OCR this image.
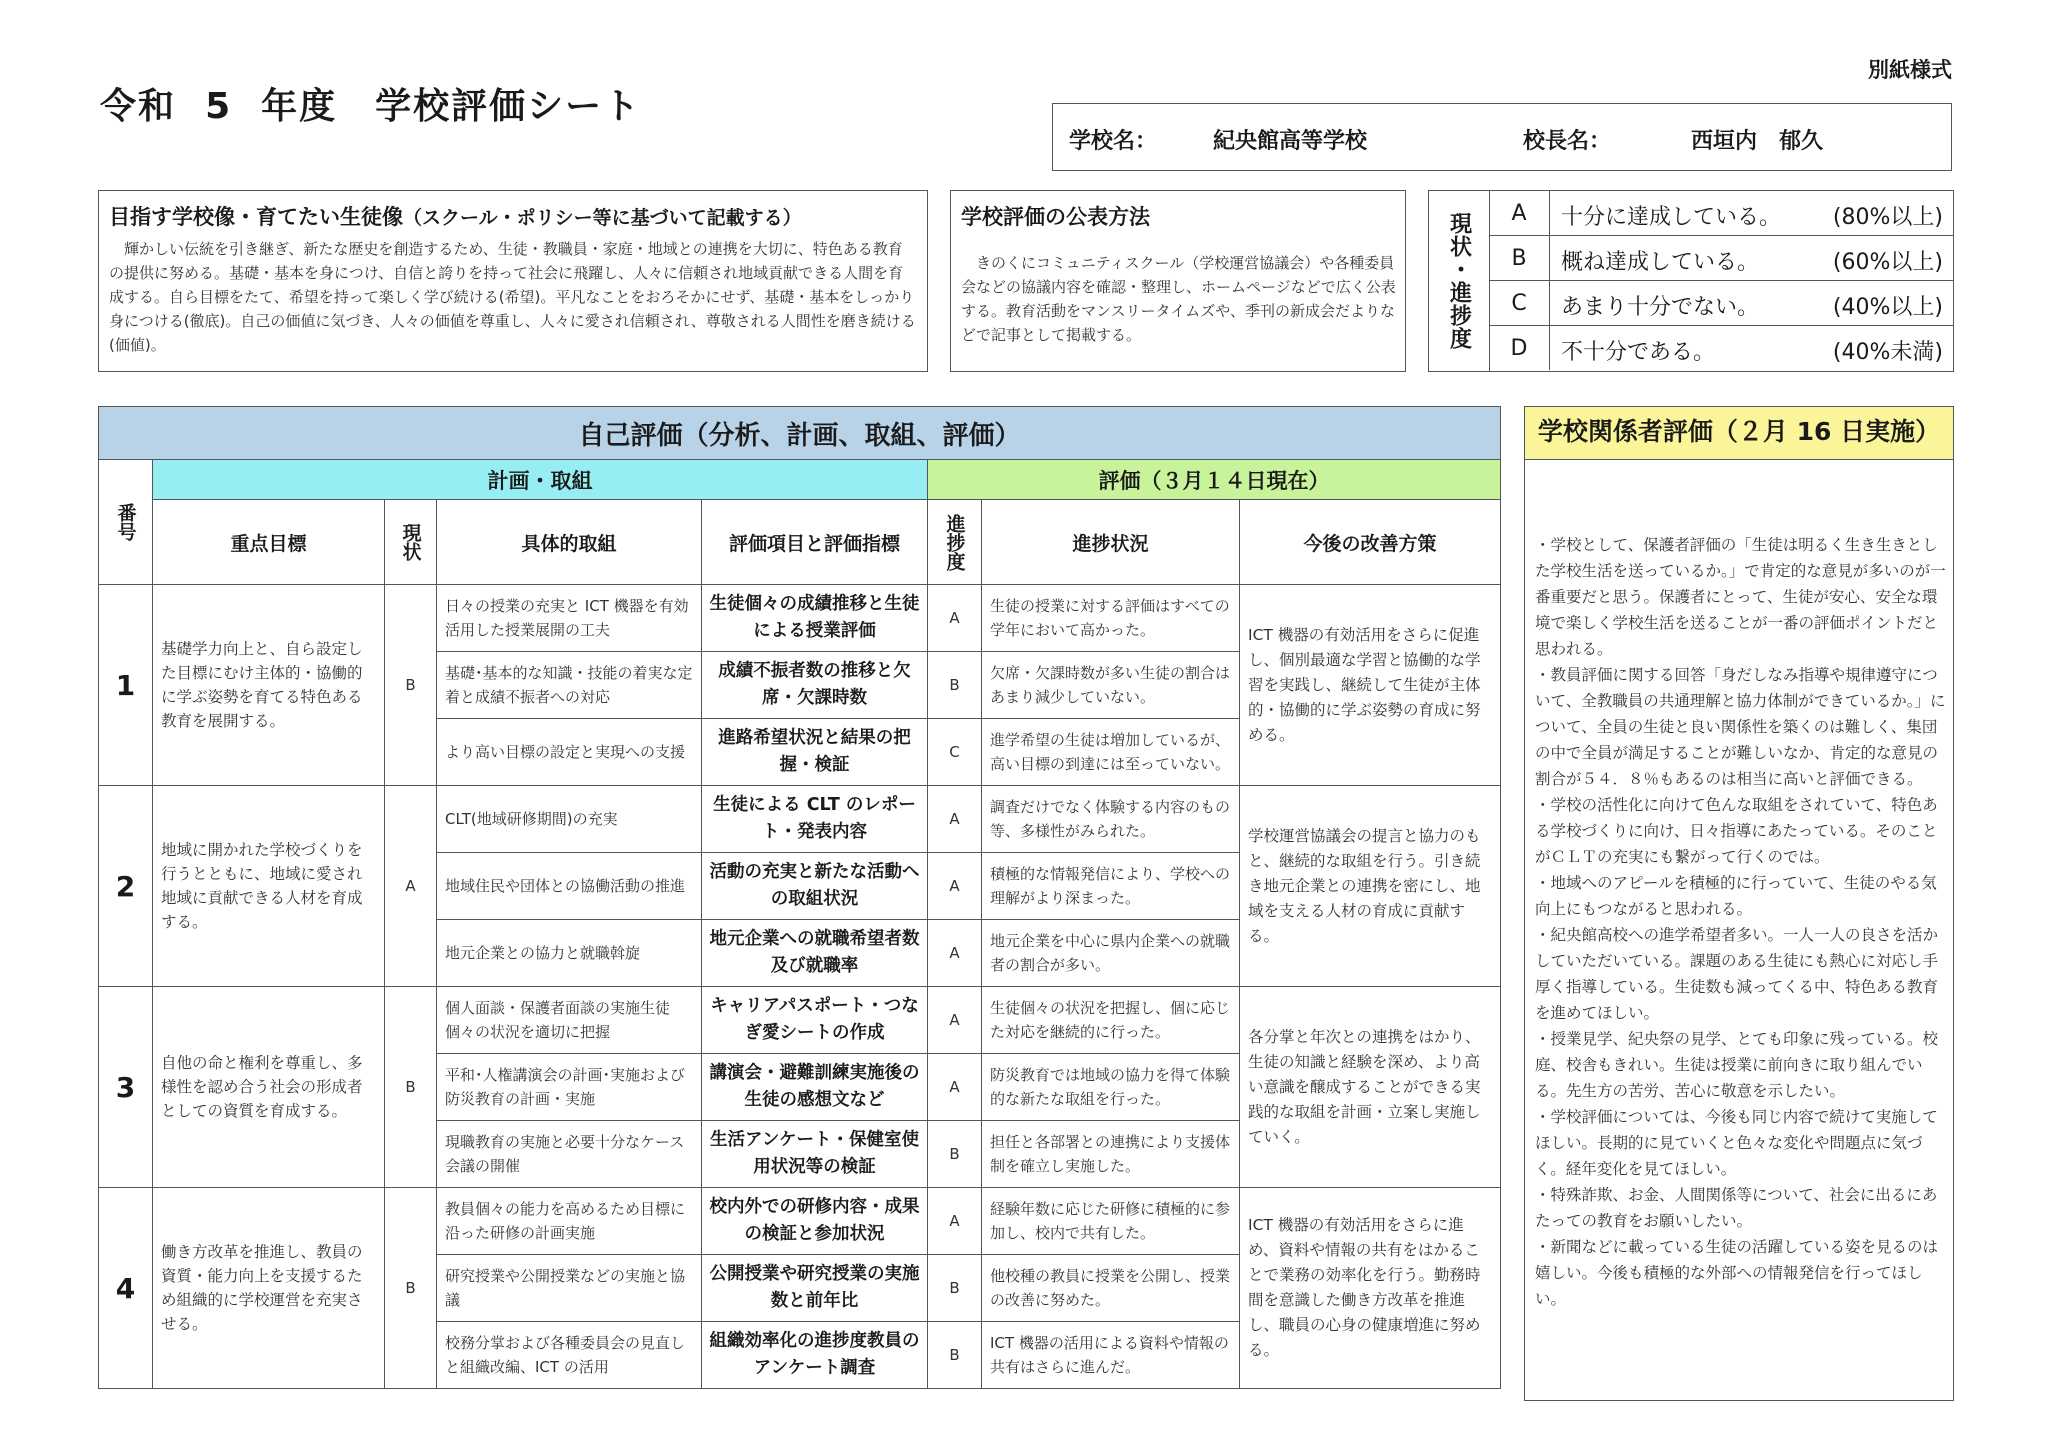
令和  5  年度　学校評価シート
別紙様式
学校名：	紀央館高等学校	校長名：	西垣内　郁久
目指す学校像・育てたい生徒像（スクール・ポリシー等に基づいて記載する）
　輝かしい伝統を引き継ぎ、新たな歴史を創造するため、生徒・教職員・家庭・地域との連携を大切に、特色ある教育の提供に努める。基礎・基本を身につけ、自信と誇りを持って社会に飛躍し、人々に信頼され地域貢献できる人間を育成する。自ら目標をたて、希望を持って楽しく学び続ける(希望)。平凡なことをおろそかにせず、基礎・基本をしっかり身につける(徹底)。自己の価値に気づき、人々の価値を尊重し、人々に愛され信頼され、尊敬される人間性を磨き続ける(価値)。
学校評価の公表方法
　きのくにコミュニティスクール（学校運営協議会）や各種委員会などの協議内容を確認・整理し、ホームページなどで広く公表する。教育活動をマンスリータイムズや、季刊の新成会だよりなどで記事として掲載する。	現状・進捗度	A	十分に達成している。 (80%以上)
B	概ね達成している。	(60%以上)
C	あまり十分でない。	(40%以上)
D	不十分である。	(40%未満)
自己評価（分析、計画、取組、評価）							

番号	計画・取組				評価（３月１４日現在）		
	重点目標	現状	具体的取組	評価項目と評価指標	進捗度	進捗状況	今後の改善方策
1	基礎学力向上と、自ら設定した目標にむけ主体的・協働的に学ぶ姿勢を育てる特色ある教育を展開する。	B	日々の授業の充実と ICT 機器を有効活用した授業展開の工夫	生徒個々の成績推移と生徒による授業評価	A	生徒の授業に対する評価はすべての学年において高かった。	ICT 機器の有効活用をさらに促進し、個別最適な学習と協働的な学習を実践し、継続して生徒が主体的・協働的に学ぶ姿勢の育成に努める。
			基礎･基本的な知識・技能の着実な定着と成績不振者への対応	成績不振者数の推移と欠席・欠課時数	B	欠席・欠課時数が多い生徒の割合はあまり減少していない。	
			より高い目標の設定と実現への支援	進路希望状況と結果の把握・検証	C	進学希望の生徒は増加しているが、高い目標の到達には至っていない。	
2	地域に開かれた学校づくりを行うとともに、地域に愛され地域に貢献できる人材を育成する。	A	CLT(地域研修期間)の充実	生徒による CLT のレポート・発表内容	A	調査だけでなく体験する内容のもの等、多様性がみられた。	学校運営協議会の提言と協力のもと、継続的な取組を行う。引き続き地元企業との連携を密にし、地域を支える人材の育成に貢献する。
			地域住民や団体との協働活動の推進	活動の充実と新たな活動への取組状況	A	積極的な情報発信により、学校への理解がより深まった。	
			地元企業との協力と就職斡旋	地元企業への就職希望者数及び就職率	A	地元企業を中心に県内企業への就職者の割合が多い。	
3	自他の命と権利を尊重し、多様性を認め合う社会の形成者としての資質を育成する。	B	個人面談・保護者面談の実施生徒個々の状況を適切に把握	キャリアパスポート・つなぎ愛シートの作成	A	生徒個々の状況を把握し、個に応じた対応を継続的に行った。	各分掌と年次との連携をはかり、生徒の知識と経験を深め、より高い意識を醸成することができる実践的な取組を計画・立案し実施していく。
			平和･人権講演会の計画･実施および防災教育の計画・実施	講演会・避難訓練実施後の生徒の感想文など	A	防災教育では地域の協力を得て体験的な新たな取組を行った。	
			現職教育の実施と必要十分なケース会議の開催	生活アンケート・保健室使用状況等の検証	B	担任と各部署との連携により支援体制を確立し実施した。	
4	働き方改革を推進し、教員の資質・能力向上を支援するため組織的に学校運営を充実させる。	B	教員個々の能力を高めるため目標に沿った研修の計画実施	校内外での研修内容・成果の検証と参加状況	A	経験年数に応じた研修に積極的に参加し、校内で共有した。	ICT 機器の有効活用をさらに進め、資料や情報の共有をはかることで業務の効率化を行う。勤務時間を意識した働き方改革を推進し、職員の心身の健康増進に努める。
			研究授業や公開授業などの実施と協議	公開授業や研究授業の実施数と前年比	B	他校種の教員に授業を公開し、授業の改善に努めた。	
			校務分掌および各種委員会の見直しと組織改編、ICT の活用	組織効率化の進捗度教員のアンケート調査	B	ICT 機器の活用による資料や情報の共有はさらに進んだ。	
学校関係者評価（２月 16 日実施）
・学校として、保護者評価の「生徒は明るく生き生きとした学校生活を送っているか。」で肯定的な意見が多いのが一番重要だと思う。保護者にとって、生徒が安心、安全な環境で楽しく学校生活を送ることが一番の評価ポイントだと思われる。
・教員評価に関する回答「身だしなみ指導や規律遵守について、全教職員の共通理解と協力体制ができているか。」について、全員の生徒と良い関係性を築くのは難しく、集団の中で全員が満足することが難しいなか、肯定的な意見の割合が５４．８％もあるのは相当に高いと評価できる。
・学校の活性化に向けて色んな取組をされていて、特色ある学校づくりに向け、日々指導にあたっている。そのことがＣＬＴの充実にも繋がって行くのでは。
・地域へのアピールを積極的に行っていて、生徒のやる気向上にもつながると思われる。
・紀央館高校への進学希望者多い。一人一人の良さを活かしていただいている。課題のある生徒にも熱心に対応し手厚く指導している。生徒数も減ってくる中、特色ある教育を進めてほしい。
・授業見学、紀央祭の見学、とても印象に残っている。校庭、校舎もきれい。生徒は授業に前向きに取り組んでいる。先生方の苦労、苦心に敬意を示したい。
・学校評価については、今後も同じ内容で続けて実施してほしい。長期的に見ていくと色々な変化や問題点に気づく。経年変化を見てほしい。
・特殊詐欺、お金、人間関係等について、社会に出るにあたっての教育をお願いしたい。
・新聞などに載っている生徒の活躍している姿を見るのは嬉しい。今後も積極的な外部への情報発信を行ってほしい。
